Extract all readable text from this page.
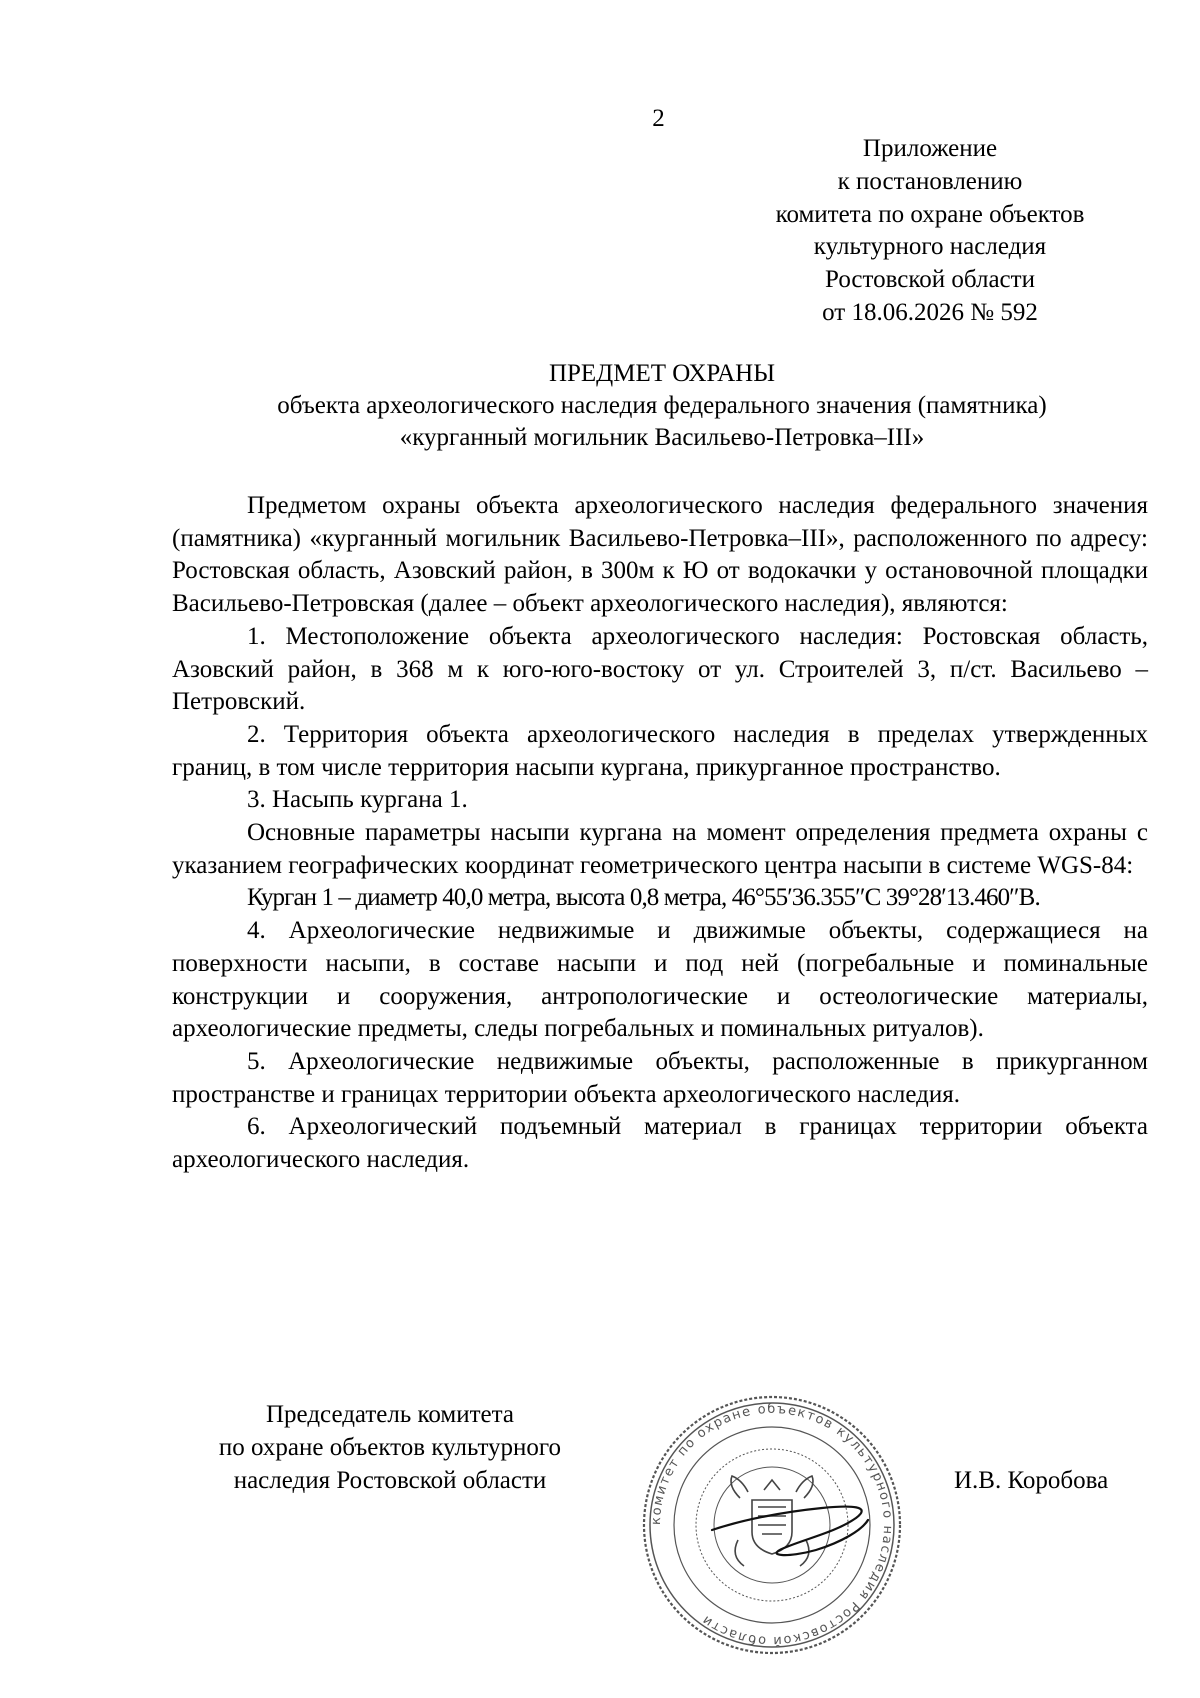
2
Приложение
к постановлению
комитета по охране объектов
культурного наследия
Ростовской области
от 18.06.2026 № 592
ПРЕДМЕТ ОХРАНЫ
объекта археологического наследия федерального значения (памятника)
«курганный могильник Васильево-Петровка–III»

Предметом охраны объекта археологического наследия федерального значения (памятника) «курганный могильник Васильево-Петровка–III», расположенного по адресу: Ростовская область, Азовский район, в 300м к Ю от водокачки у остановочной площадки Васильево-Петровская (далее – объект археологического наследия), являются:

1. Местоположение объекта археологического наследия: Ростовская область, Азовский район, в 368 м к юго-юго-востоку от ул. Строителей 3, п/ст. Васильево – Петровский.

2. Территория объекта археологического наследия в пределах утвержденных границ, в том числе территория насыпи кургана, прикурганное пространство.

3. Насыпь кургана 1.

Основные параметры насыпи кургана на момент определения предмета охраны с указанием географических координат геометрического центра насыпи в системе WGS-84:

Курган 1 – диаметр 40,0 метра, высота 0,8 метра, 46°55′36.355″С 39°28′13.460″В.

4. Археологические недвижимые и движимые объекты, содержащиеся на поверхности насыпи, в составе насыпи и под ней (погребальные и поминальные конструкции и сооружения, антропологические и остеологические материалы, археологические предметы, следы погребальных и поминальных ритуалов).

5. Археологические недвижимые объекты, расположенные в прикурганном пространстве и границах территории объекта археологического наследия.

6. Археологический подъемный материал в границах территории объекта археологического наследия.

Председатель комитета
по охране объектов культурного
наследия Ростовской области
комитет по охране объектов культурного наследия Ростовской области
И.В. Коробова
